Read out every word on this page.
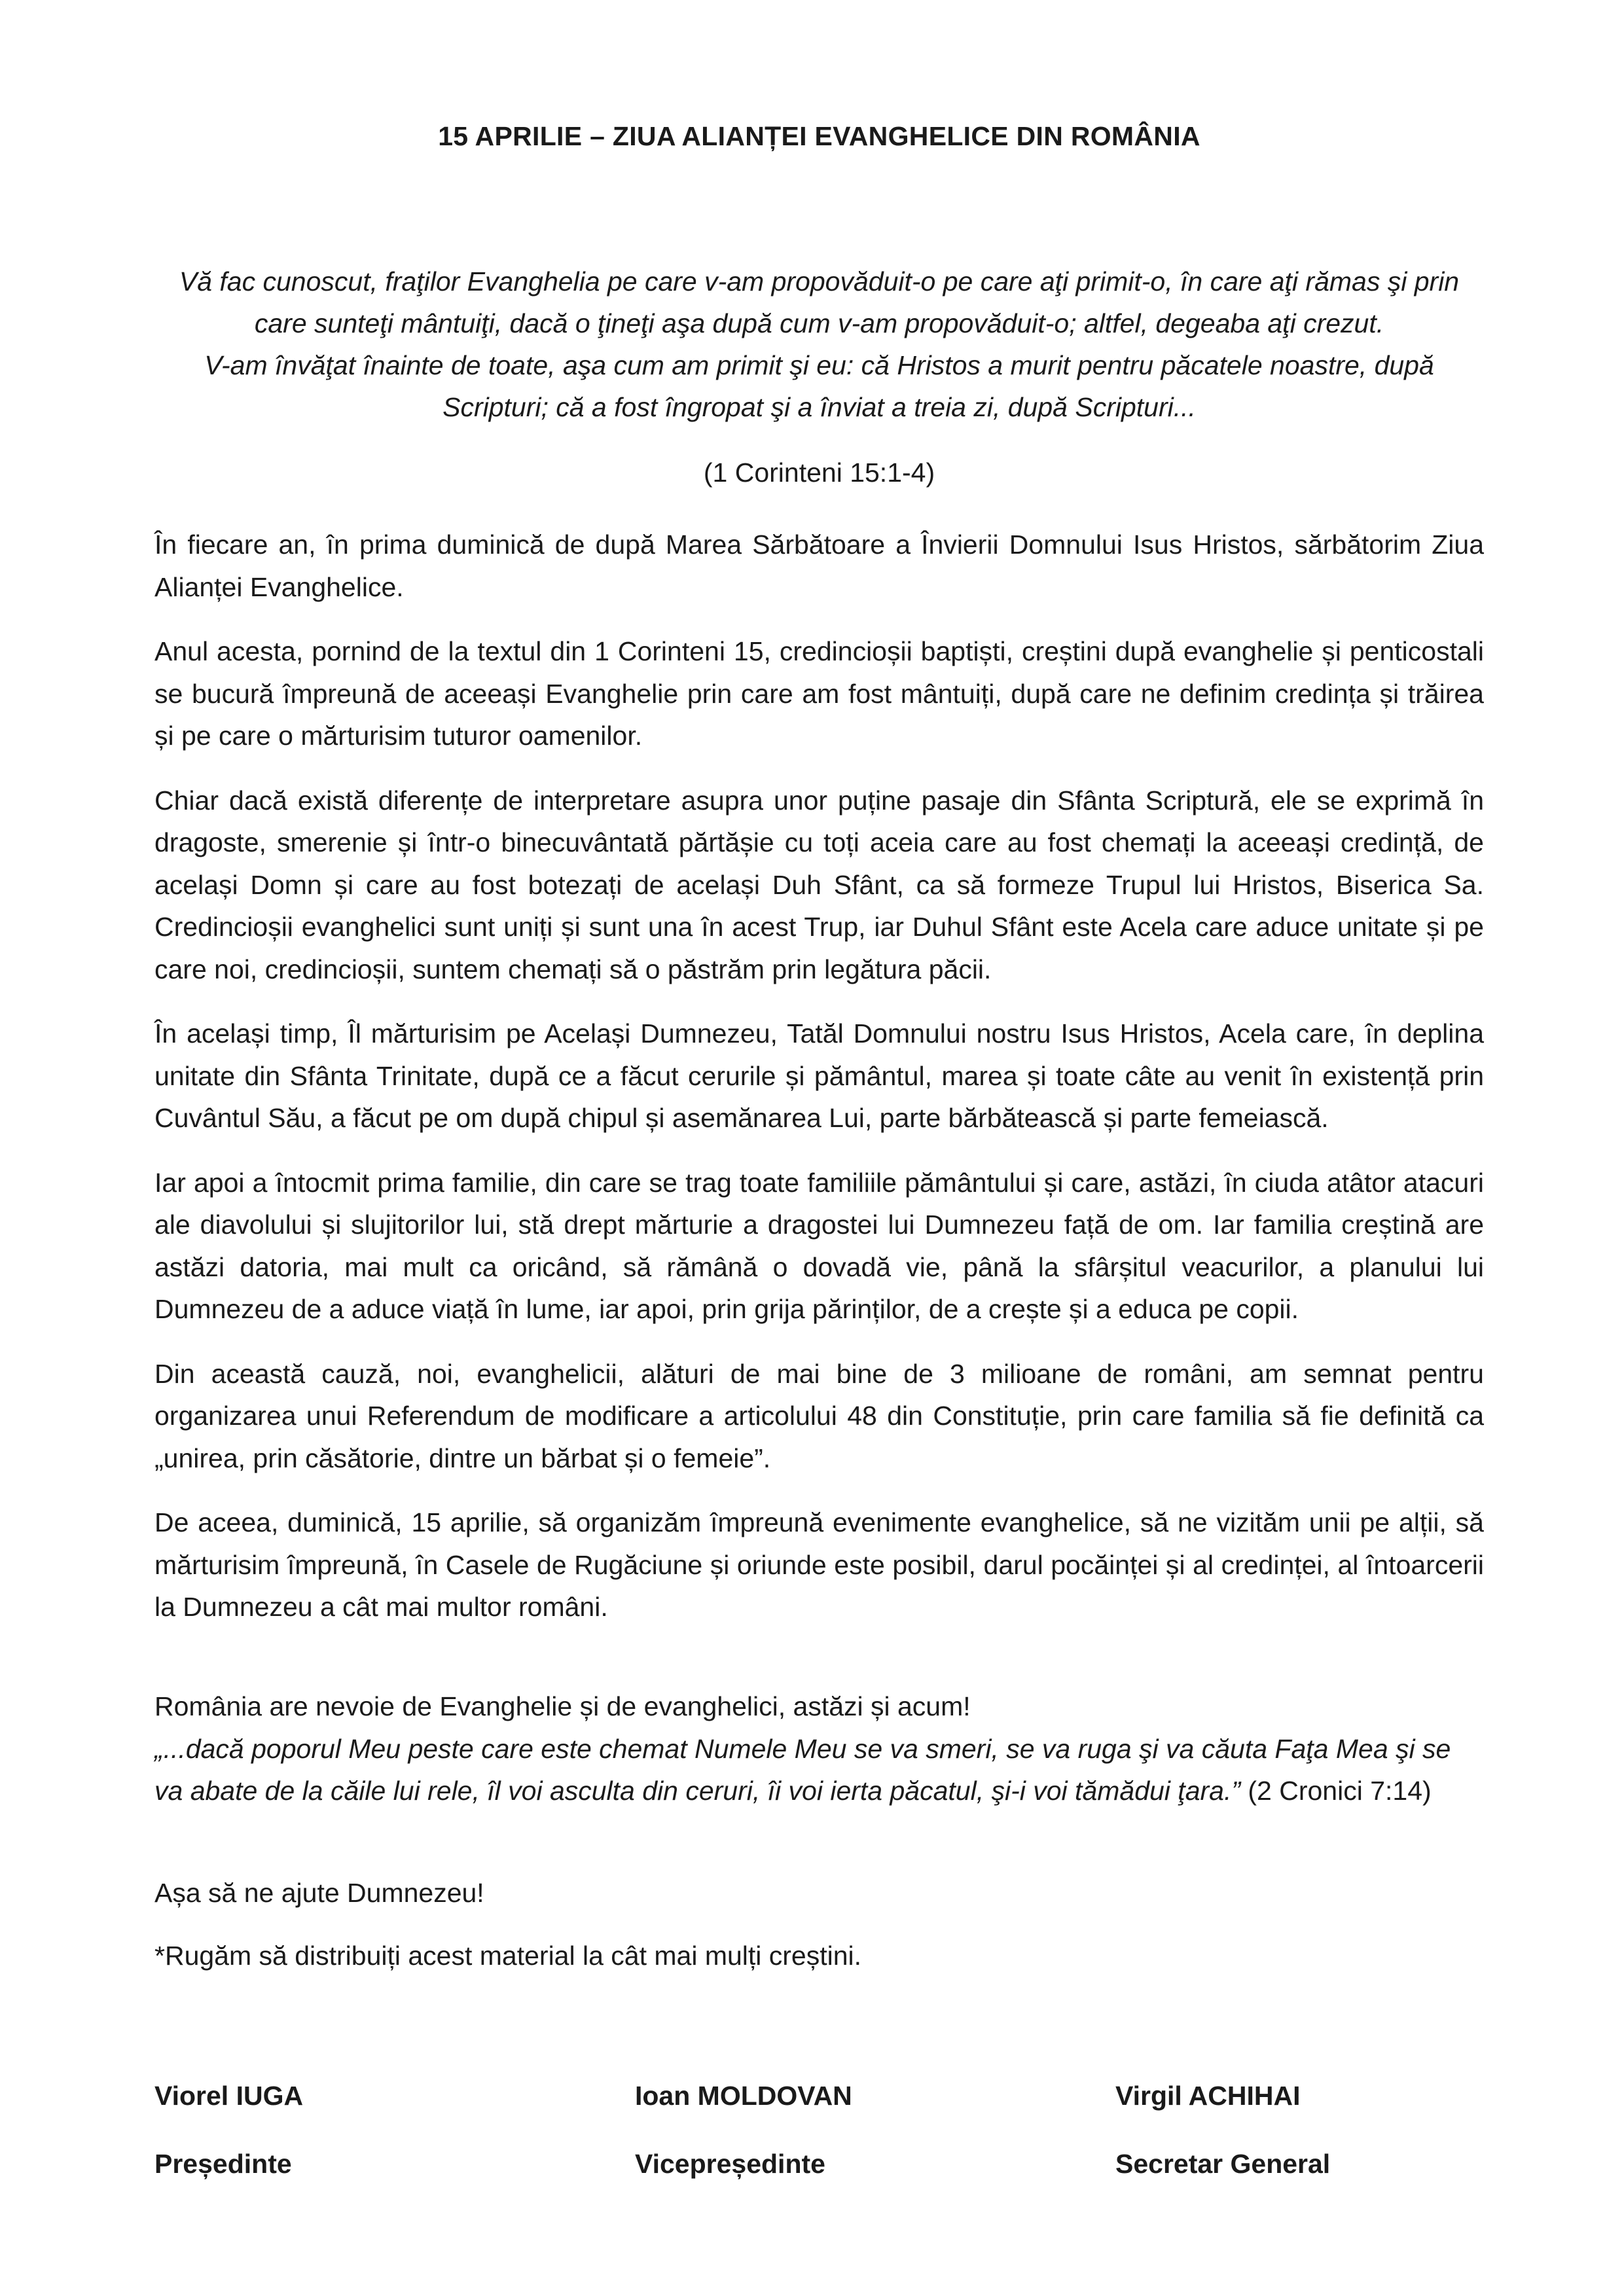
15 APRILIE – ZIUA ALIANȚEI EVANGHELICE DIN ROMÂNIA

Vă fac cunoscut, fraţilor Evanghelia pe care v-am propovăduit-o pe care aţi primit-o, în care aţi rămas şi prin
care sunteţi mântuiţi, dacă o ţineţi aşa după cum v-am propovăduit-o; altfel, degeaba aţi crezut.
V-am învăţat înainte de toate, aşa cum am primit şi eu: că Hristos a murit pentru păcatele noastre, după
Scripturi; că a fost îngropat şi a înviat a treia zi, după Scripturi...

(1 Corinteni 15:1-4)

În fiecare an, în prima duminică de după Marea Sărbătoare a Învierii Domnului Isus Hristos, sărbătorim Ziua Alianței Evanghelice.

Anul acesta, pornind de la textul din 1 Corinteni 15, credincioșii baptiști, creștini după evanghelie și penticostali se bucură împreună de aceeași Evanghelie prin care am fost mântuiți, după care ne definim credința și trăirea și pe care o mărturisim tuturor oamenilor.

Chiar dacă există diferențe de interpretare asupra unor puține pasaje din Sfânta Scriptură, ele se exprimă în dragoste, smerenie și într-o binecuvântată părtășie cu toți aceia care au fost chemați la aceeași credință, de același Domn și care au fost botezați de același Duh Sfânt, ca să formeze Trupul lui Hristos, Biserica Sa. Credincioșii evanghelici sunt uniți și sunt una în acest Trup, iar Duhul Sfânt este Acela care aduce unitate și pe care noi, credincioșii, suntem chemați să o păstrăm prin legătura păcii.

În același timp, Îl mărturisim pe Același Dumnezeu, Tatăl Domnului nostru Isus Hristos, Acela care, în deplina unitate din Sfânta Trinitate, după ce a făcut cerurile și pământul, marea și toate câte au venit în existență prin Cuvântul Său, a făcut pe om după chipul și asemănarea Lui, parte bărbătească și parte femeiască.

Iar apoi a întocmit prima familie, din care se trag toate familiile pământului și care, astăzi, în ciuda atâtor atacuri ale diavolului și slujitorilor lui, stă drept mărturie a dragostei lui Dumnezeu față de om. Iar familia creștină are astăzi datoria, mai mult ca oricând, să rămână o dovadă vie, până la sfârșitul veacurilor, a planului lui Dumnezeu de a aduce viață în lume, iar apoi, prin grija părinților, de a crește și a educa pe copii.

Din această cauză, noi, evanghelicii, alături de mai bine de 3 milioane de români, am semnat pentru organizarea unui Referendum de modificare a articolului 48 din Constituție, prin care familia să fie definită ca „unirea, prin căsătorie, dintre un bărbat și o femeie”.

De aceea, duminică, 15 aprilie, să organizăm împreună evenimente evanghelice, să ne vizităm unii pe alții, să mărturisim împreună, în Casele de Rugăciune și oriunde este posibil, darul pocăinței și al credinței, al întoarcerii la Dumnezeu a cât mai multor români.

România are nevoie de Evanghelie și de evanghelici, astăzi și acum!

„...dacă poporul Meu peste care este chemat Numele Meu se va smeri, se va ruga şi va căuta Faţa Mea şi se va abate de la căile lui rele, îl voi asculta din ceruri, îi voi ierta păcatul, şi-i voi tămădui ţara.” (2 Cronici 7:14)

Așa să ne ajute Dumnezeu!
*Rugăm să distribuiți acest material la cât mai mulți creștini.
Viorel IUGA	Ioan MOLDOVAN	Virgil ACHIHAI
Președinte	Vicepreședinte	Secretar General
